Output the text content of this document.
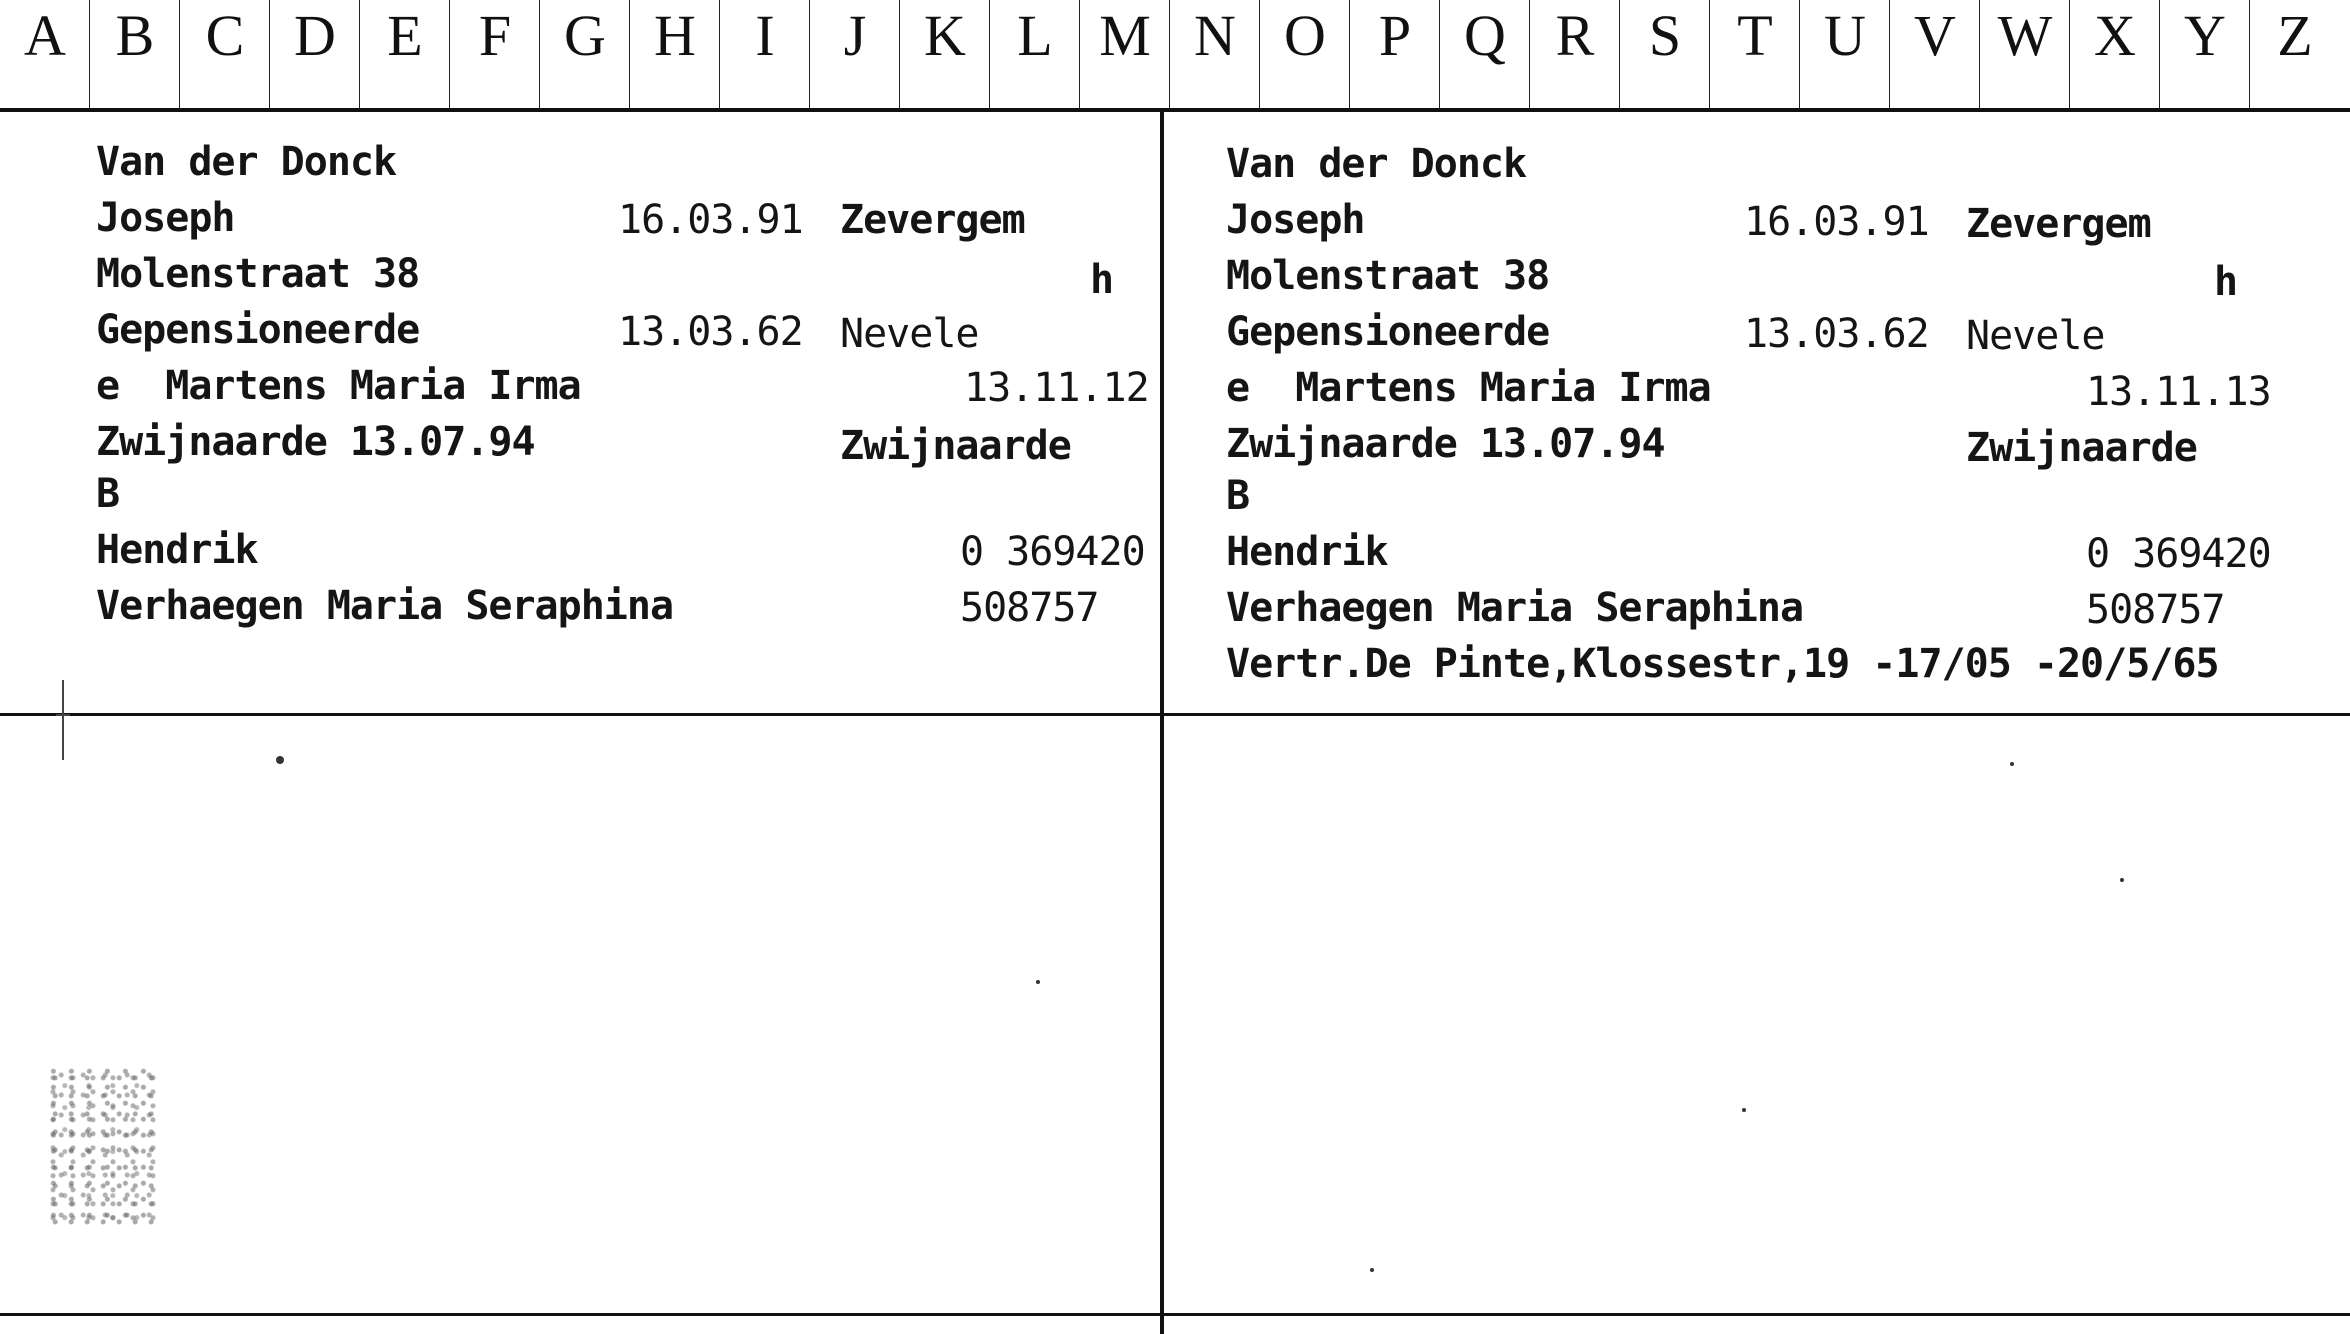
A B C D E F G H	I	J K L M N O P Q R S T U V W X Y Z
Van der Donck
Joseph	16.03.91 Zevergem
Molenstraat 38	h
Gepensioneerde	13.03.62 Nevele
e  Martens Maria Irma	13.11.12
Zwijnaarde 13.07.94	Zwijnaarde
B
Hendrik	0 369420
Verhaegen Maria Seraphina	508757
Van der Donck
Joseph	16.03.91 Zevergem
Molenstraat 38	h
Gepensioneerde	13.03.62 Nevele
e  Martens Maria Irma	13.11.13
Zwijnaarde 13.07.94	Zwijnaarde
B
Hendrik	0 369420
Verhaegen Maria Seraphina	508757
Vertr.De Pinte,Klossestr,19 -17/05 -20/5/65
